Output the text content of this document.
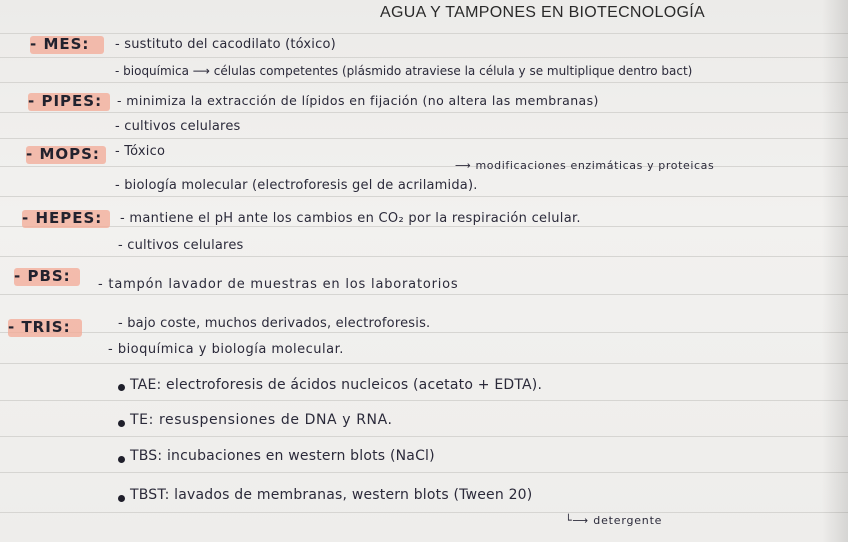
AGUA Y TAMPONES EN BIOTECNOLOGÍA
- MES: - sustituto del cacodilato (tóxico)
- bioquímica ⟶ células competentes (plásmido atraviese la célula y se multiplique dentro bact)
- PIPES: - minimiza la extracción de lípidos en fijación (no altera las membranas)
- cultivos celulares
- MOPS: - Tóxico
⟶ modificaciones enzimáticas y proteicas
- biología molecular (electroforesis gel de acrilamida).
- HEPES: - mantiene el pH ante los cambios en CO₂ por la respiración celular.
- cultivos celulares
- PBS: - tampón lavador de muestras en los laboratorios
- TRIS:	- bajo coste, muchos derivados, electroforesis.
- bioquímica y biología molecular.
TAE: electroforesis de ácidos nucleicos (acetato + EDTA).
TE: resuspensiones de DNA y RNA.
TBS: incubaciones en western blots (NaCl)
TBST: lavados de membranas, western blots (Tween 20)
└⟶ detergente
